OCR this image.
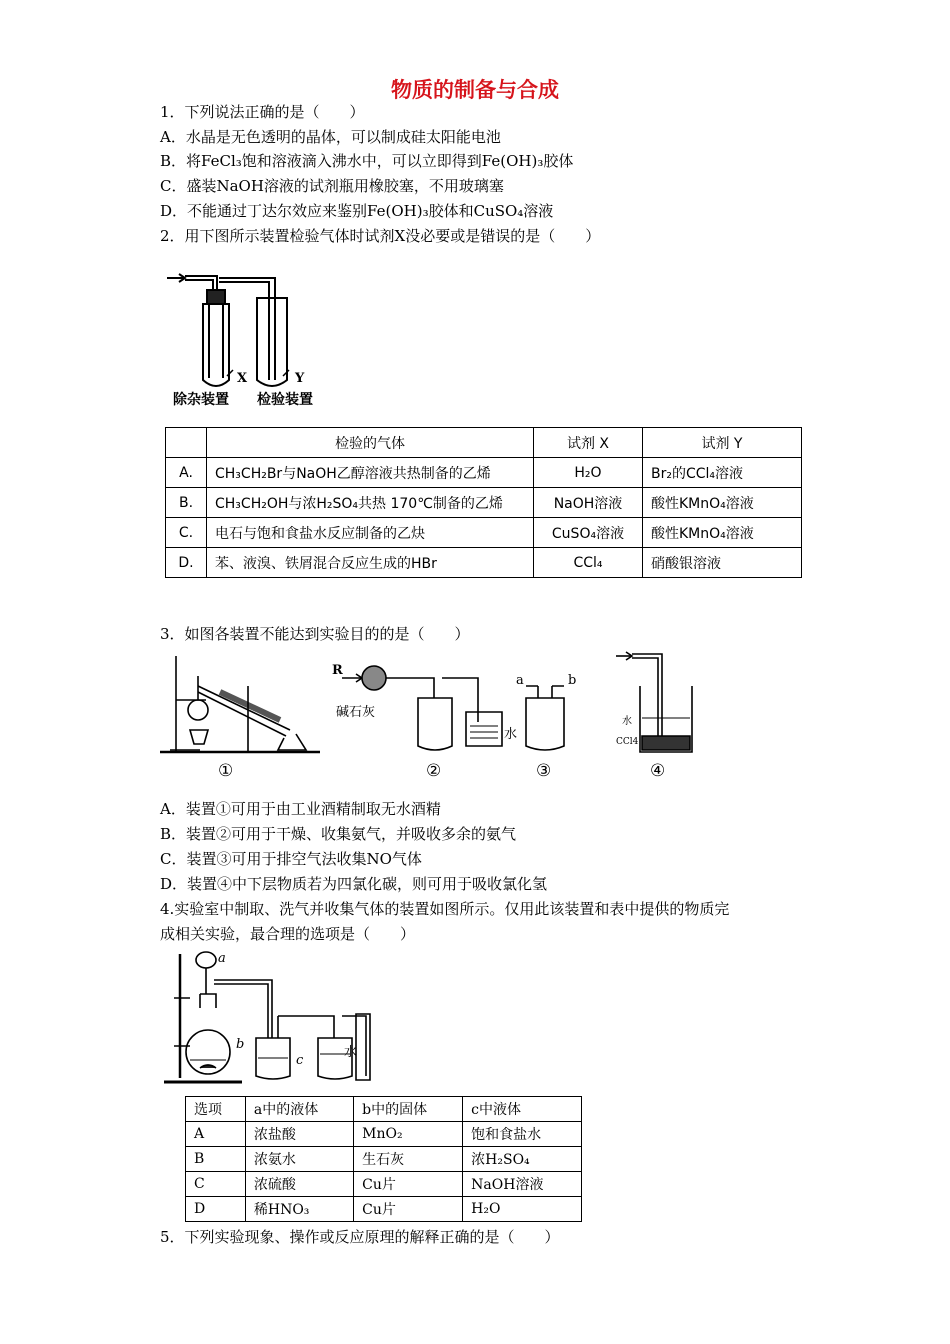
物质的制备与合成
1．下列说法正确的是（　　）
A．水晶是无色透明的晶体，可以制成硅太阳能电池
B．将FeCl₃饱和溶液滴入沸水中，可以立即得到Fe(OH)₃胶体
C．盛装NaOH溶液的试剂瓶用橡胶塞，不用玻璃塞
D．不能通过丁达尔效应来鉴别Fe(OH)₃胶体和CuSO₄溶液
2．用下图所示装置检验气体时试剂X没必要或是错误的是（　　）
X	Y
除杂装置 检验装置
	检验的气体	试剂 X	试剂 Y
A.	CH₃CH₂Br与NaOH乙醇溶液共热制备的乙烯	H₂O	Br₂的CCl₄溶液
B.	CH₃CH₂OH与浓H₂SO₄共热 170℃制备的乙烯	NaOH溶液	酸性KMnO₄溶液
C.	电石与饱和食盐水反应制备的乙炔	CuSO₄溶液	酸性KMnO₄溶液
D.	苯、液溴、铁屑混合反应生成的HBr	CCl₄	硝酸银溶液
3．如图各装置不能达到实验目的的是（　　）
R
碱石灰
水
a	b
水
CCl4
①	②	③	④
A．装置①可用于由工业酒精制取无水酒精
B．装置②可用于干燥、收集氨气，并吸收多余的氨气
C．装置③可用于排空气法收集NO气体
D．装置④中下层物质若为四氯化碳，则可用于吸收氯化氢
4.实验室中制取、洗气并收集气体的装置如图所示。仅用此该装置和表中提供的物质完
成相关实验，最合理的选项是（　　）
a
b
c
水
选项	a中的液体	b中的固体	c中液体
A	浓盐酸	MnO₂	饱和食盐水
B	浓氨水	生石灰	浓H₂SO₄
C	浓硫酸	Cu片	NaOH溶液
D	稀HNO₃	Cu片	H₂O
5．下列实验现象、操作或反应原理的解释正确的是（　　）
